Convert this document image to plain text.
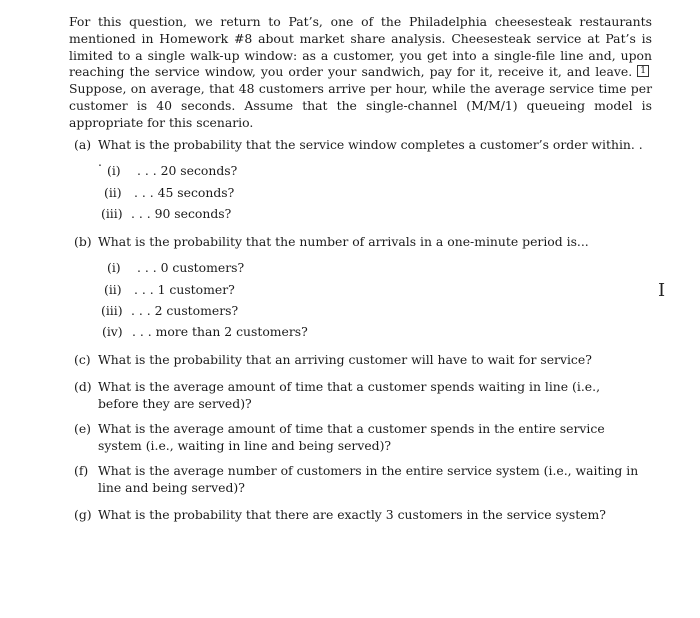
For this question, we return to Pat’s, one of the Philadelphia cheesesteak restaurants mentioned in Homework #8 about market share analysis. Cheesesteak service at Pat’s is limited to a single walk-up window: as a customer, you get into a single-file line and, upon reaching the service window, you order your sandwich, pay for it, receive it, and leave. 1 Suppose, on average, that 48 customers arrive per hour, while the average service time per customer is 40 seconds. Assume that the single-channel (M/M/1) queueing model is appropriate for this scenario.

(a) What is the probability that the service window completes a customer’s order within. . .
(i) . . . 20 seconds?
(ii) . . . 45 seconds?
(iii) . . . 90 seconds?
(b) What is the probability that the number of arrivals in a one-minute period is...
(i) . . . 0 customers?
(ii) . . . 1 customer?
(iii) . . . 2 customers?
(iv) . . . more than 2 customers?
(c) What is the probability that an arriving customer will have to wait for service?
(d) What is the average amount of time that a customer spends waiting in line (i.e., before they are served)?
(e) What is the average amount of time that a customer spends in the entire service system (i.e., waiting in line and being served)?
(f) What is the average number of customers in the entire service system (i.e., waiting in line and being served)?
(g) What is the probability that there are exactly 3 customers in the service system?
I
